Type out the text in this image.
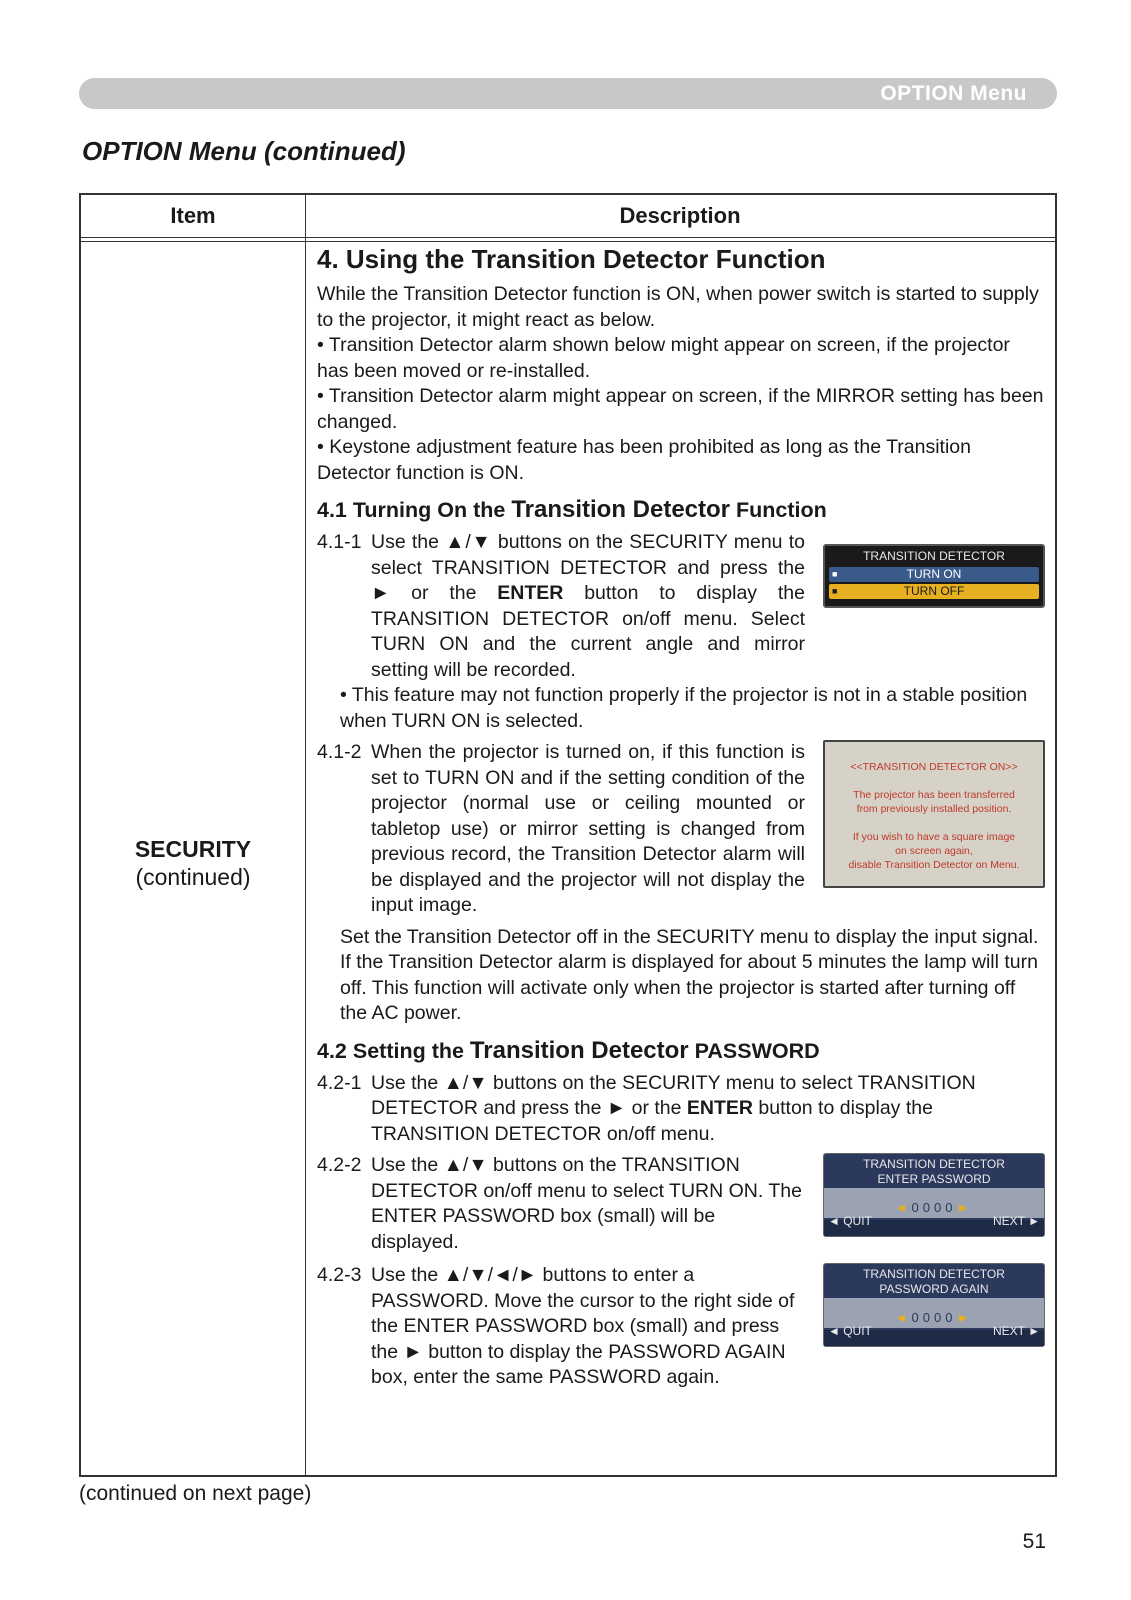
OPTION Menu
OPTION Menu (continued)
Item	Description
SECURITY
(continued)
4. Using the Transition Detector Function

While the Transition Detector function is ON, when power switch is started to supply to the projector, it might react as below.

• Transition Detector alarm shown below might appear on screen, if the projector has been moved or re-installed.

• Transition Detector alarm might appear on screen, if the MIRROR setting has been changed.

• Keystone adjustment feature has been prohibited as long as the Transition Detector function is ON.

4.1 Turning On the Transition Detector Function
4.1-1 Use the ▲/▼ buttons on the SECURITY menu to select TRANSITION DETECTOR and press the ► or the ENTER button to display the TRANSITION DETECTOR on/off menu. Select TURN ON and the current angle and mirror setting will be recorded.
TRANSITION DETECTOR
■	TURN ON
■	TURN OFF

• This feature may not function properly if the projector is not in a stable position when TURN ON is selected.

4.1-2 When the projector is turned on, if this function is set to TURN ON and if the setting condition of the projector (normal use or ceiling mounted or tabletop use) or mirror setting is changed from previous record, the Transition Detector alarm will be displayed and the projector will not display the input image.
<<TRANSITION DETECTOR ON>>
The projector has been transferred
from previously installed position.
If you wish to have a square image
on screen again,
disable Transition Detector on Menu.

Set the Transition Detector off in the SECURITY menu to display the input signal.

If the Transition Detector alarm is displayed for about 5 minutes the lamp will turn off. This function will activate only when the projector is started after turning off the AC power.

4.2 Setting the Transition Detector PASSWORD
4.2-1 Use the ▲/▼ buttons on the SECURITY menu to select TRANSITION DETECTOR and press the ► or the ENTER button to display the TRANSITION DETECTOR on/off menu.
4.2-2 Use the ▲/▼ buttons on the TRANSITION DETECTOR on/off menu to select TURN ON. The ENTER PASSWORD box (small) will be displayed.
TRANSITION DETECTOR
ENTER PASSWORD
◄0000►
◄ QUIT	NEXT ►
4.2-3 Use the ▲/▼/◄/► buttons to enter a PASSWORD. Move the cursor to the right side of the ENTER PASSWORD box (small) and press the ► button to display the PASSWORD AGAIN box, enter the same PASSWORD again.
TRANSITION DETECTOR
PASSWORD AGAIN
◄0000►
◄ QUIT	NEXT ►
(continued on next page)
51
